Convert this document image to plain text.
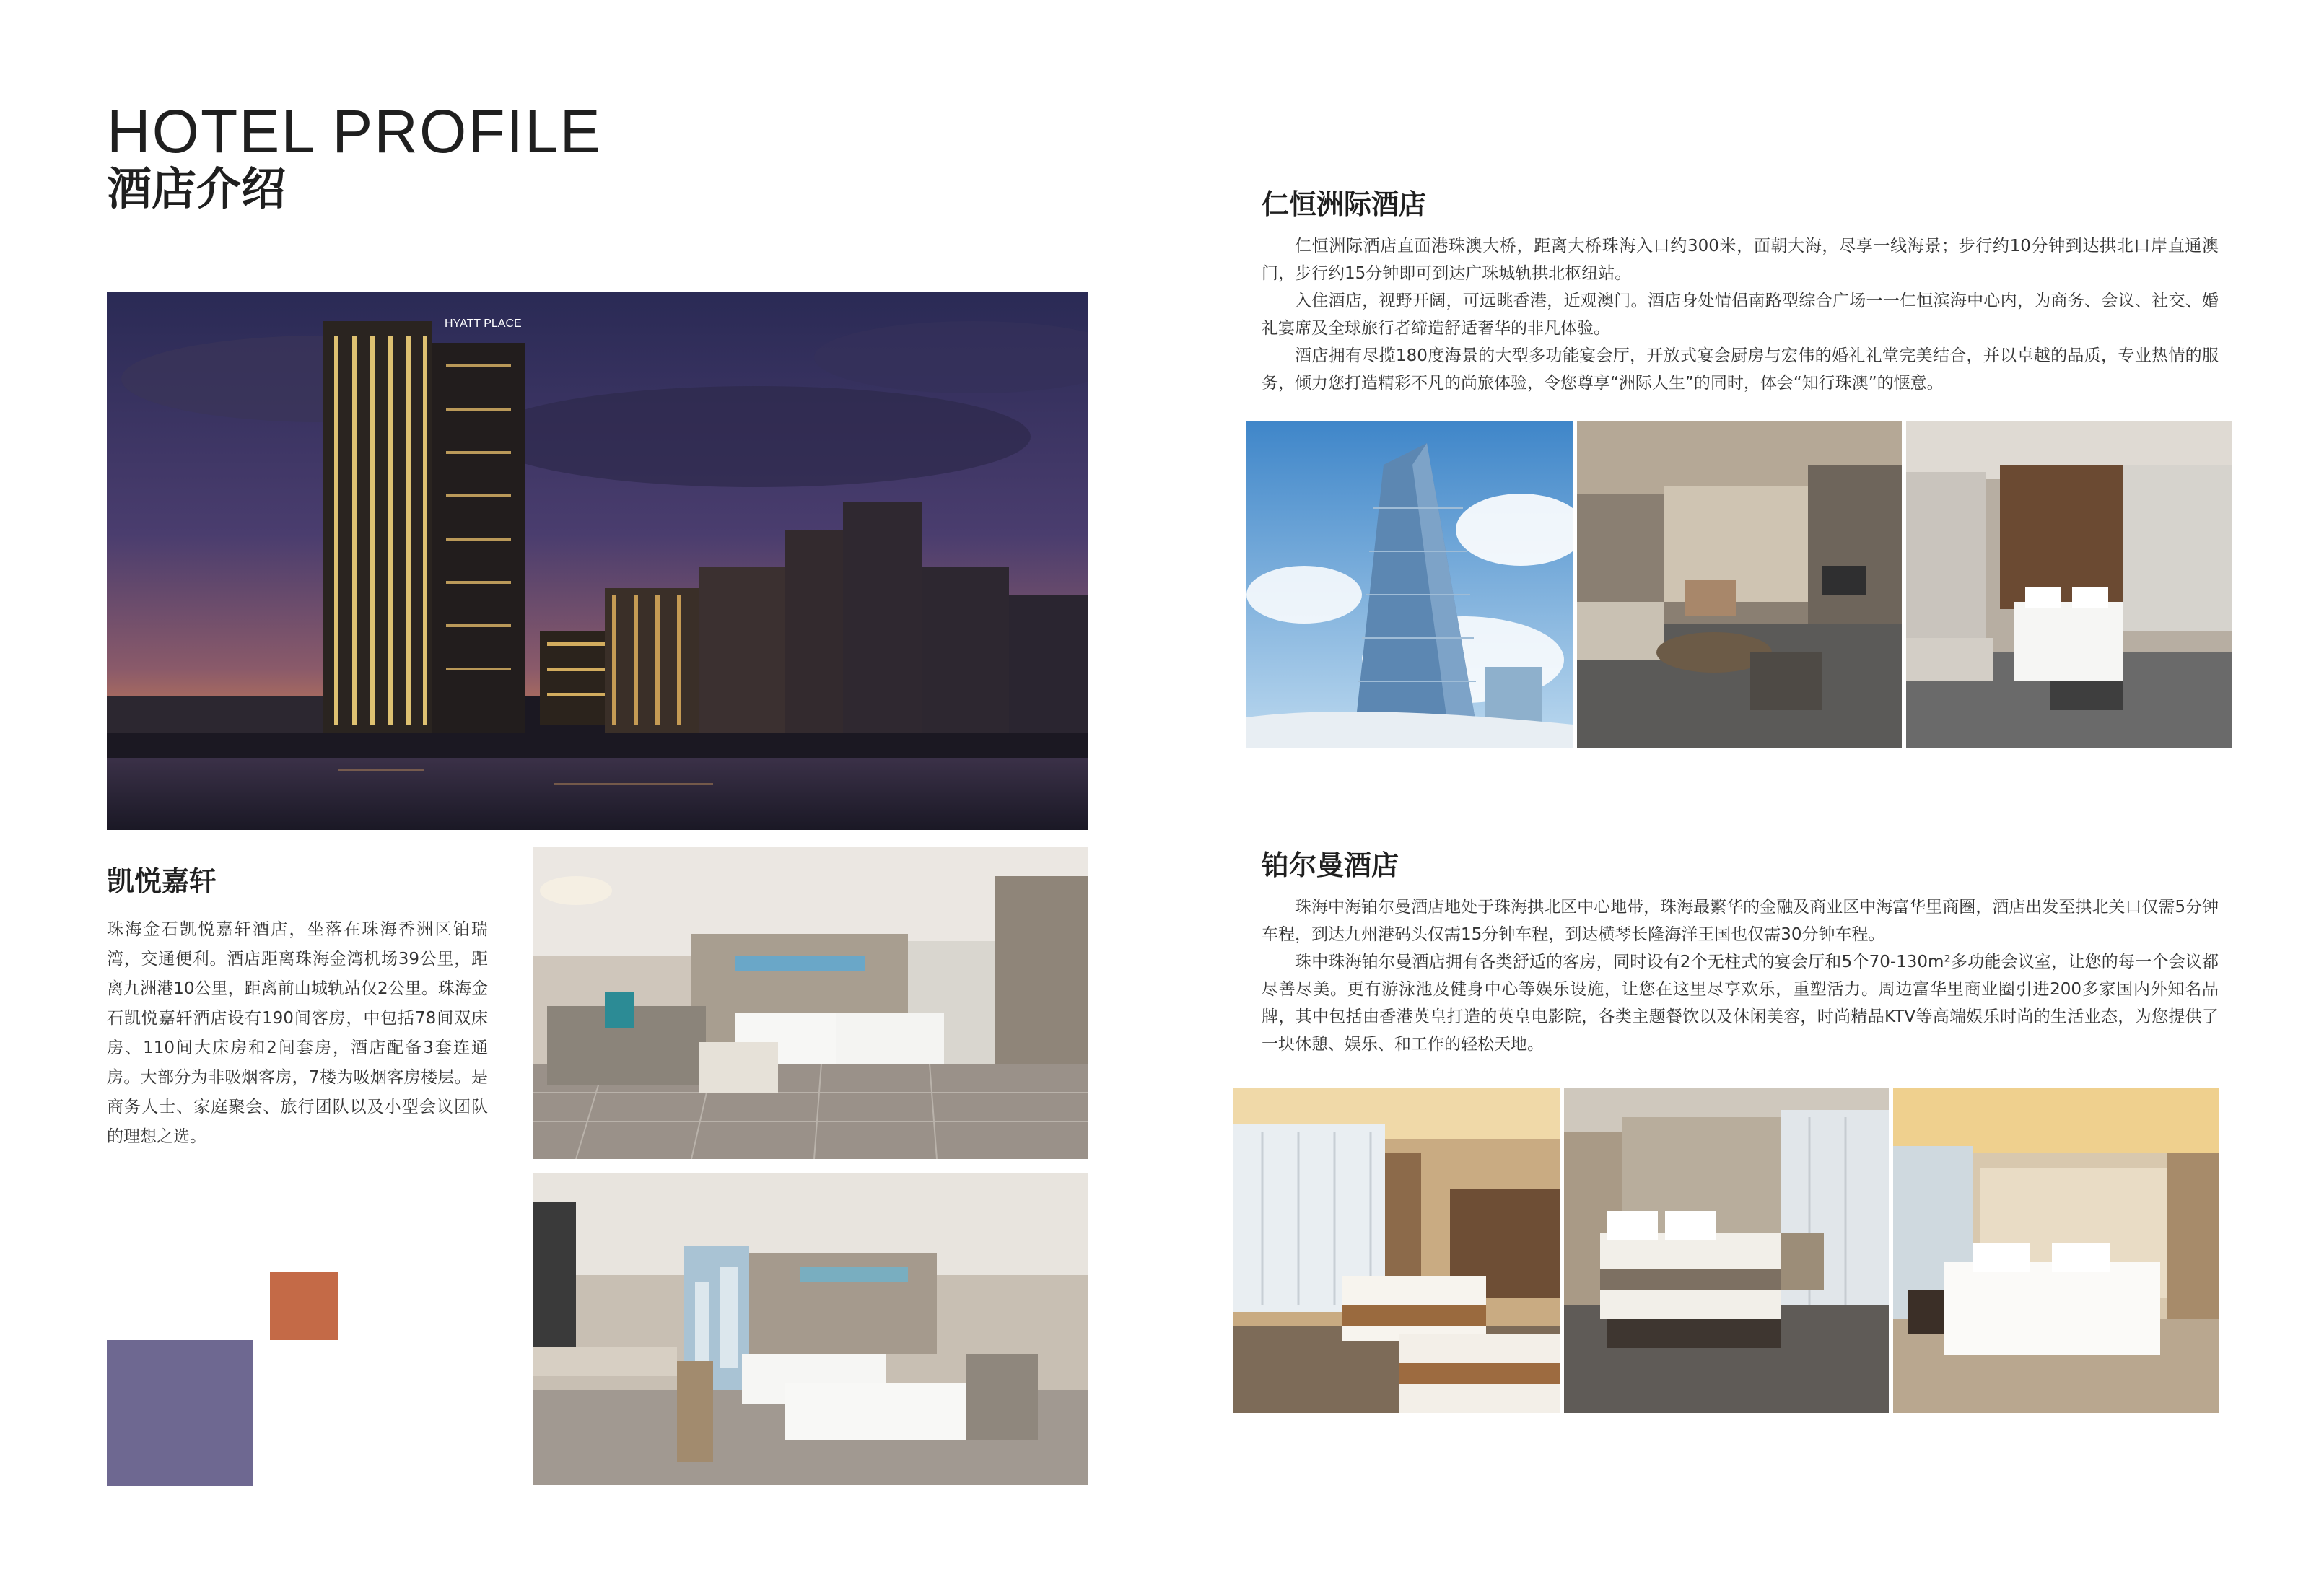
HOTEL PROFILE
酒店介绍
HYATT PLACE
凯悦嘉轩
珠海金石凯悦嘉轩酒店，坐落在珠海香洲区铂瑞湾，交通便利。酒店距离珠海金湾机场39公里，距离九洲港10公里，距离前山城轨站仅2公里。珠海金石凯悦嘉轩酒店设有190间客房，中包括78间双床房、110间大床房和2间套房，酒店配备3套连通房。大部分为非吸烟客房，7楼为吸烟客房楼层。是商务人士、家庭聚会、旅行团队以及小型会议团队的理想之选。
仁恒洲际酒店

仁恒洲际酒店直面港珠澳大桥，距离大桥珠海入口约300米，面朝大海，尽享一线海景；步行约10分钟到达拱北口岸直通澳门，步行约15分钟即可到达广珠城轨拱北枢纽站。

入住酒店，视野开阔，可远眺香港，近观澳门。酒店身处情侣南路型综合广场一一仁恒滨海中心内，为商务、会议、社交、婚礼宴席及全球旅行者缔造舒适奢华的非凡体验。

酒店拥有尽揽180度海景的大型多功能宴会厅，开放式宴会厨房与宏伟的婚礼礼堂完美结合，并以卓越的品质，专业热情的服务，倾力您打造精彩不凡的尚旅体验，令您尊享“洲际人生”的同时，体会“知行珠澳”的惬意。

铂尔曼酒店

珠海中海铂尔曼酒店地处于珠海拱北区中心地带，珠海最繁华的金融及商业区中海富华里商圈，酒店出发至拱北关口仅需5分钟车程，到达九州港码头仅需15分钟车程，到达横琴长隆海洋王国也仅需30分钟车程。

珠中珠海铂尔曼酒店拥有各类舒适的客房，同时设有2个无柱式的宴会厅和5个70-130m²多功能会议室，让您的每一个会议都尽善尽美。更有游泳池及健身中心等娱乐设施，让您在这里尽享欢乐，重塑活力。周边富华里商业圈引进200多家国内外知名品牌，其中包括由香港英皇打造的英皇电影院，各类主题餐饮以及休闲美容，时尚精品KTV等高端娱乐时尚的生活业态，为您提供了一块休憩、娱乐、和工作的轻松天地。
